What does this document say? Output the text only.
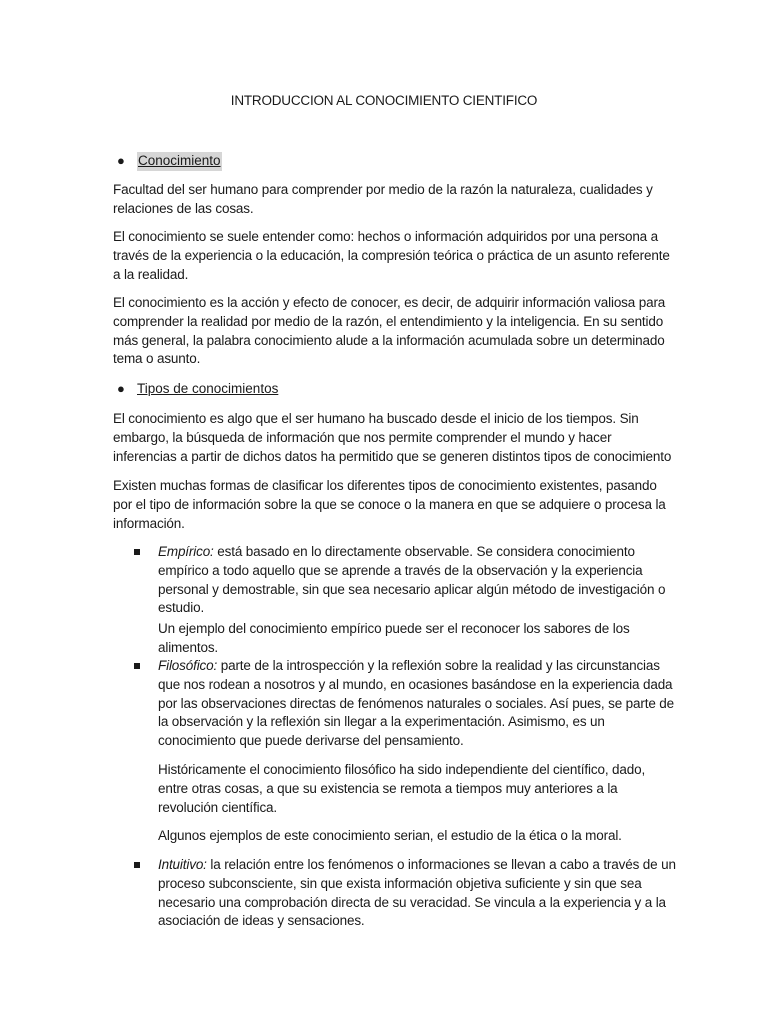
INTRODUCCION AL CONOCIMIENTO CIENTIFICO
● Conocimiento
Facultad del ser humano para comprender por medio de la razón la naturaleza, cualidades y relaciones de las cosas.
El conocimiento se suele entender como: hechos o información adquiridos por una persona a través de la experiencia o la educación, la compresión teórica o práctica de un asunto referente a la realidad.
El conocimiento es la acción y efecto de conocer, es decir, de adquirir información valiosa para comprender la realidad por medio de la razón, el entendimiento y la inteligencia. En su sentido más general, la palabra conocimiento alude a la información acumulada sobre un determinado tema o asunto.
● Tipos de conocimientos
El conocimiento es algo que el ser humano ha buscado desde el inicio de los tiempos. Sin embargo, la búsqueda de información que nos permite comprender el mundo y hacer inferencias a partir de dichos datos ha permitido que se generen distintos tipos de conocimiento
Existen muchas formas de clasificar los diferentes tipos de conocimiento existentes, pasando por el tipo de información sobre la que se conoce o la manera en que se adquiere o procesa la información.
Empírico: está basado en lo directamente observable. Se considera conocimiento empírico a todo aquello que se aprende a través de la observación y la experiencia personal y demostrable, sin que sea necesario aplicar algún método de investigación o estudio.
Un ejemplo del conocimiento empírico puede ser el reconocer los sabores de los alimentos.
Filosófico: parte de la introspección y la reflexión sobre la realidad y las circunstancias que nos rodean a nosotros y al mundo, en ocasiones basándose en la experiencia dada por las observaciones directas de fenómenos naturales o sociales. Así pues, se parte de la observación y la reflexión sin llegar a la experimentación. Asimismo, es un conocimiento que puede derivarse del pensamiento.
Históricamente el conocimiento filosófico ha sido independiente del científico, dado, entre otras cosas, a que su existencia se remota a tiempos muy anteriores a la revolución científica.
Algunos ejemplos de este conocimiento serian, el estudio de la ética o la moral.
Intuitivo: la relación entre los fenómenos o informaciones se llevan a cabo a través de un proceso subconsciente, sin que exista información objetiva suficiente y sin que sea necesario una comprobación directa de su veracidad. Se vincula a la experiencia y a la asociación de ideas y sensaciones.
